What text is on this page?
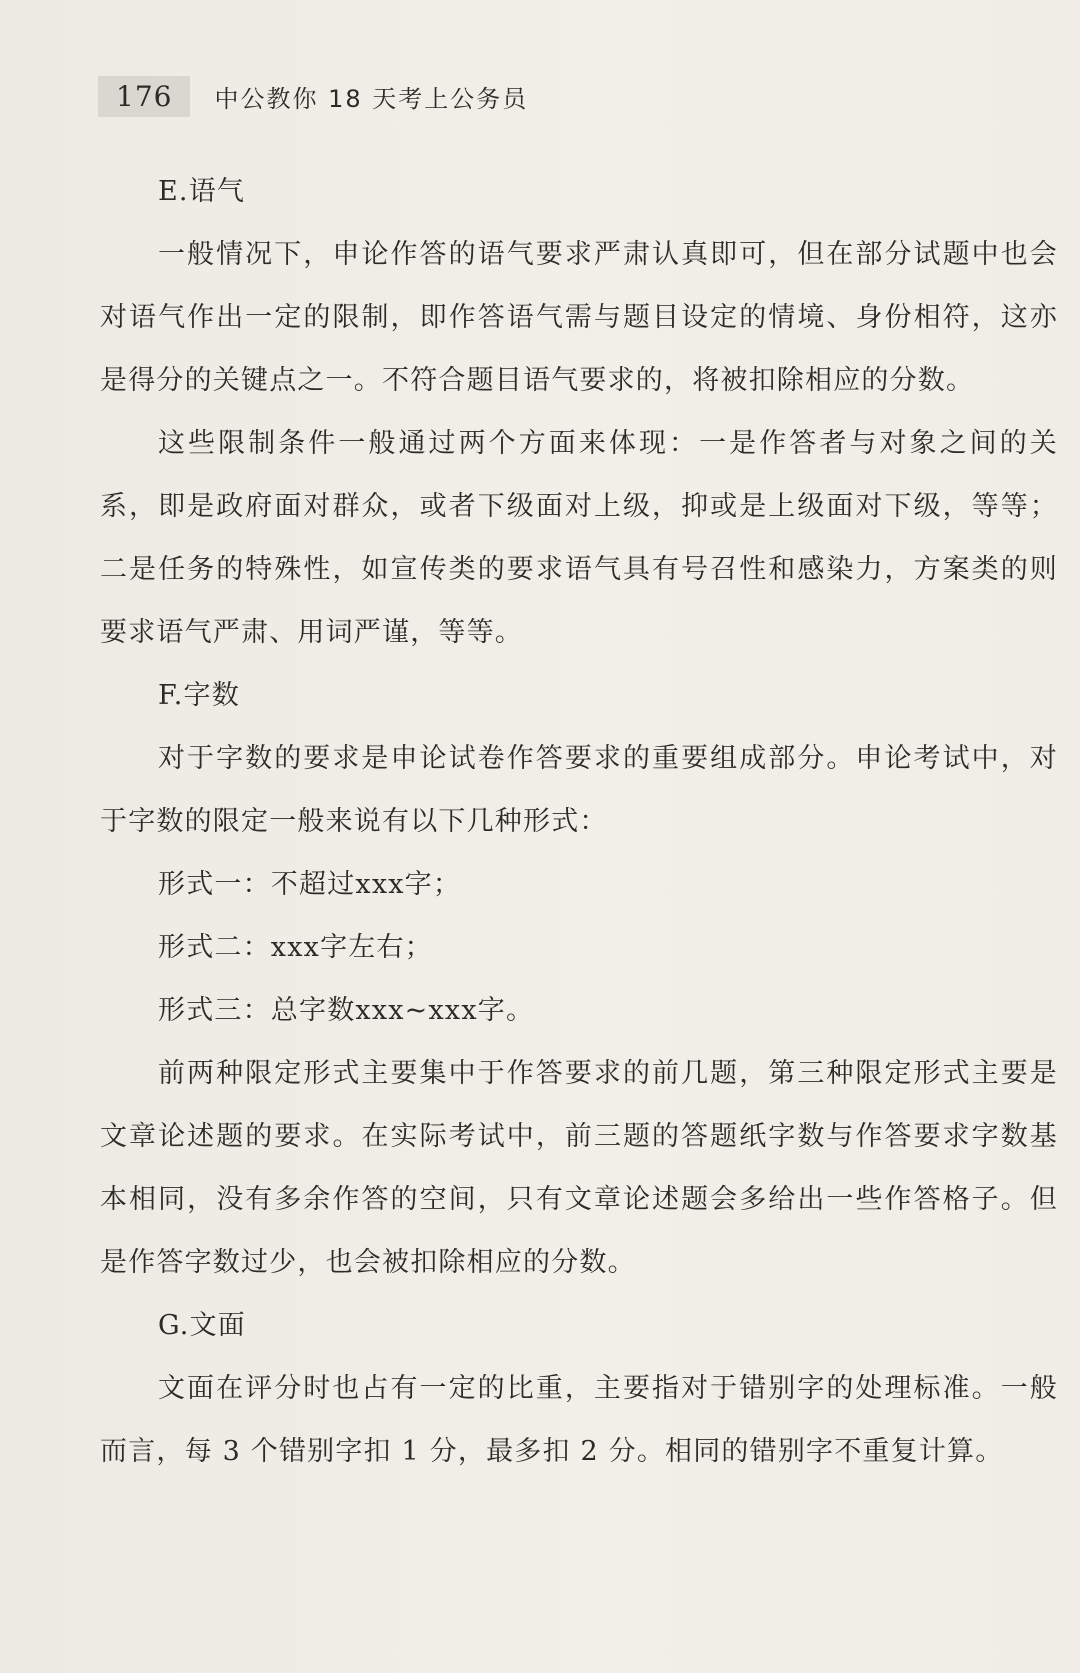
176	中公教你 18 天考上公务员

E.语气

一般情况下，申论作答的语气要求严肃认真即可，但在部分试题中也会对语气作出一定的限制，即作答语气需与题目设定的情境、身份相符，这亦是得分的关键点之一。不符合题目语气要求的，将被扣除相应的分数。

这些限制条件一般通过两个方面来体现：一是作答者与对象之间的关系，即是政府面对群众，或者下级面对上级，抑或是上级面对下级，等等；二是任务的特殊性，如宣传类的要求语气具有号召性和感染力，方案类的则要求语气严肃、用词严谨，等等。

F.字数

对于字数的要求是申论试卷作答要求的重要组成部分。申论考试中，对于字数的限定一般来说有以下几种形式：

形式一：不超过xxx字；

形式二：xxx字左右；

形式三：总字数xxx~xxx字。

前两种限定形式主要集中于作答要求的前几题，第三种限定形式主要是文章论述题的要求。在实际考试中，前三题的答题纸字数与作答要求字数基本相同，没有多余作答的空间，只有文章论述题会多给出一些作答格子。但是作答字数过少，也会被扣除相应的分数。

G.文面

文面在评分时也占有一定的比重，主要指对于错别字的处理标准。一般而言，每 3 个错别字扣 1 分，最多扣 2 分。相同的错别字不重复计算。
